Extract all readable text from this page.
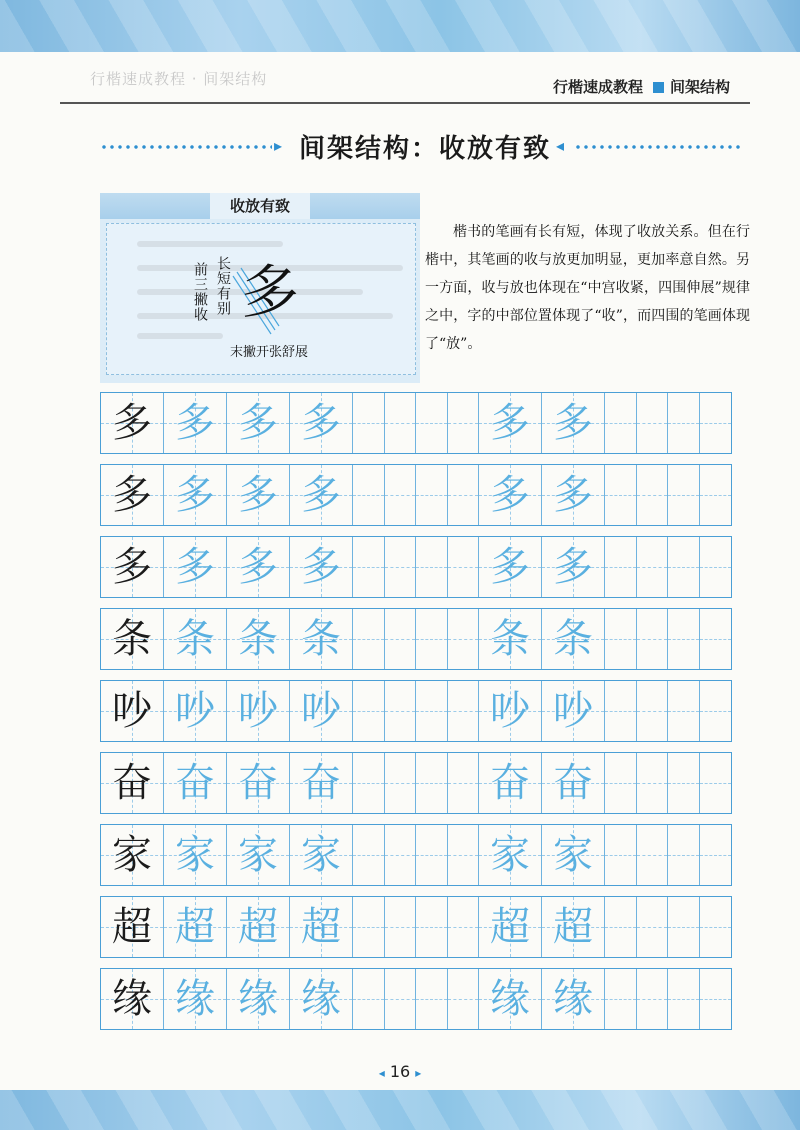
行楷速成教程 · 间架结构	行楷速成教程 间架结构
▸ 间架结构：收放有致 ◂
收放有致
前三撇收 长短有别 多
末撇开张舒展
楷书的笔画有长有短，体现了收放关系。但在行楷中，其笔画的收与放更加明显，更加率意自然。另一方面，收与放也体现在“中宫收紧，四围伸展”规律之中，字的中部位置体现了“收”，而四围的笔画体现了“放”。
多 多 多 多	多 多
多 多 多 多	多 多
多 多 多 多	多 多
条 条 条 条	条 条
吵 吵 吵 吵	吵 吵
奋 奋 奋 奋	奋 奋
家 家 家 家	家 家
超 超 超 超	超 超
缘 缘 缘 缘	缘 缘
◂ 16 ▸
